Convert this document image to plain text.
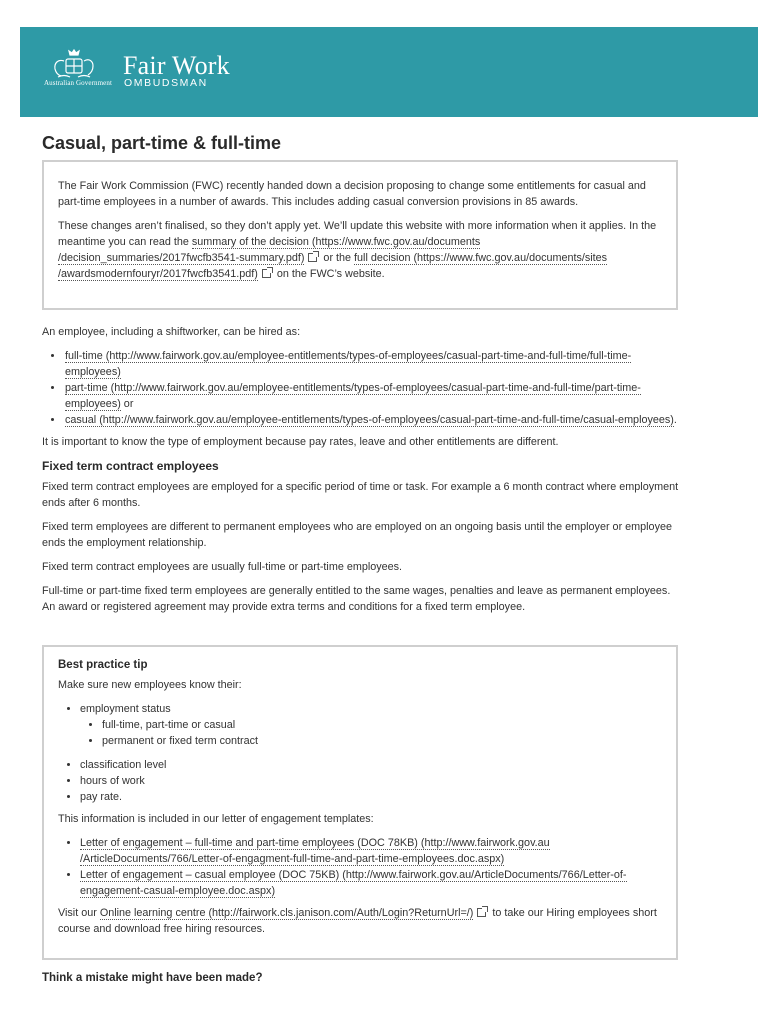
Australian Government
Fair Work
OMBUDSMAN
Casual, part-time & full-time

The Fair Work Commission (FWC) recently handed down a decision proposing to change some entitlements for casual and part-time employees in a number of awards. This includes adding casual conversion provisions in 85 awards.

These changes aren’t finalised, so they don’t apply yet. We’ll update this website with more information when it applies. In the meantime you can read the summary of the decision (https://www.fwc.gov.au/documents /decision_summaries/2017fwcfb3541-summary.pdf) or the full decision (https://www.fwc.gov.au/documents/sites /awardsmodernfouryr/2017fwcfb3541.pdf) on the FWC’s website.

An employee, including a shiftworker, can be hired as:

• full-time (http://www.fairwork.gov.au/employee-entitlements/types-of-employees/casual-part-time-and-full-time/full-time-employees)
• part-time (http://www.fairwork.gov.au/employee-entitlements/types-of-employees/casual-part-time-and-full-time/part-time-employees) or
• casual (http://www.fairwork.gov.au/employee-entitlements/types-of-employees/casual-part-time-and-full-time/casual-employees).

It is important to know the type of employment because pay rates, leave and other entitlements are different.

Fixed term contract employees

Fixed term contract employees are employed for a specific period of time or task. For example a 6 month contract where employment ends after 6 months.

Fixed term employees are different to permanent employees who are employed on an ongoing basis until the employer or employee ends the employment relationship.

Fixed term contract employees are usually full-time or part-time employees.

Full-time or part-time fixed term employees are generally entitled to the same wages, penalties and leave as permanent employees. An award or registered agreement may provide extra terms and conditions for a fixed term employee.

Best practice tip

Make sure new employees know their:

• employment status
• full-time, part-time or casual
• permanent or fixed term contract
• classification level
• hours of work
• pay rate.

This information is included in our letter of engagement templates:

• Letter of engagement – full-time and part-time employees (DOC 78KB) (http://www.fairwork.gov.au /ArticleDocuments/766/Letter-of-engagment-full-time-and-part-time-employees.doc.aspx)
• Letter of engagement – casual employee (DOC 75KB) (http://www.fairwork.gov.au/ArticleDocuments/766/Letter-of-engagement-casual-employee.doc.aspx)

Visit our Online learning centre (http://fairwork.cls.janison.com/Auth/Login?ReturnUrl=/) to take our Hiring employees short course and download free hiring resources.

Think a mistake might have been made?
